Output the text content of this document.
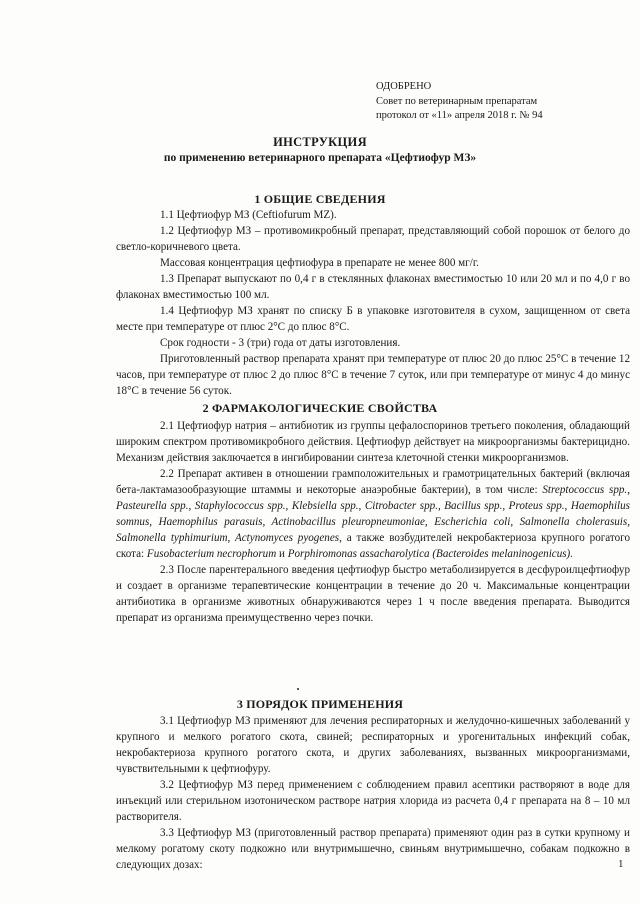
ОДОБРЕНО
Совет по ветеринарным препаратам
протокол от «11» апреля 2018 г. № 94
ИНСТРУКЦИЯ
по применению ветеринарного препарата «Цефтиофур МЗ»
1 ОБЩИЕ СВЕДЕНИЯ

1.1 Цефтиофур МЗ (Ceftiofurum MZ).

1.2 Цефтиофур МЗ – противомикробный препарат, представляющий собой порошок от белого до светло-коричневого цвета.

Массовая концентрация цефтиофура в препарате не менее 800 мг/г.

1.3 Препарат выпускают по 0,4 г в стеклянных флаконах вместимостью 10 или 20 мл и по 4,0 г во флаконах вместимостью 100 мл.

1.4 Цефтиофур МЗ хранят по списку Б в упаковке изготовителя в сухом, защищенном от света месте при температуре от плюс 2°С до плюс 8°С.

Срок годности - 3 (три) года от даты изготовления.

Приготовленный раствор препарата хранят при температуре от плюс 20 до плюс 25°С в течение 12 часов, при температуре от плюс 2 до плюс 8°С в течение 7 суток, или при температуре от минус 4 до минус 18°С в течение 56 суток.

2 ФАРМАКОЛОГИЧЕСКИЕ СВОЙСТВА

2.1 Цефтиофур натрия – антибиотик из группы цефалоспоринов третьего поколения, обладающий широким спектром противомикробного действия. Цефтиофур действует на микроорганизмы бактерицидно. Механизм действия заключается в ингибировании синтеза клеточной стенки микроорганизмов.

2.2 Препарат активен в отношении грамположительных и грамотрицательных бактерий (включая бета-лактамазообразующие штаммы и некоторые анаэробные бактерии), в том числе: Streptococcus spp., Pasteurella spp., Staphylococcus spp., Klebsiella spp., Citrobacter spp., Bacillus spp., Proteus spp., Haemophilus somnus, Haemophilus parasuis, Actinobacillus pleuropneumoniae, Escherichia coli, Salmonella cholerasuis, Salmonella typhimurium, Actynomyces pyogenes, а также возбудителей некробактериоза крупного рогатого скота: Fusobacterium necrophorum и Porphiromonas assacharolytica (Bacteroides melaninogenicus).

2.3 После парентерального введения цефтиофур быстро метаболизируется в десфуроилцефтиофур и создает в организме терапевтические концентрации в течение до 20 ч. Максимальные концентрации антибиотика в организме животных обнаруживаются через 1 ч после введения препарата. Выводится препарат из организма преимущественно через почки.

3 ПОРЯДОК ПРИМЕНЕНИЯ

3.1 Цефтиофур МЗ применяют для лечения респираторных и желудочно-кишечных заболеваний у крупного и мелкого рогатого скота, свиней; респираторных и урогенитальных инфекций собак, некробактериоза крупного рогатого скота, и других заболеваниях, вызванных микроорганизмами, чувствительными к цефтиофуру.

3.2 Цефтиофур МЗ перед применением с соблюдением правил асептики растворяют в воде для инъекций или стерильном изотоническом растворе натрия хлорида из расчета 0,4 г препарата на 8 – 10 мл растворителя.

3.3 Цефтиофур МЗ (приготовленный раствор препарата) применяют один раз в сутки крупному и мелкому рогатому скоту подкожно или внутримышечно, свиньям внутримышечно, собакам подкожно в следующих дозах:	1
